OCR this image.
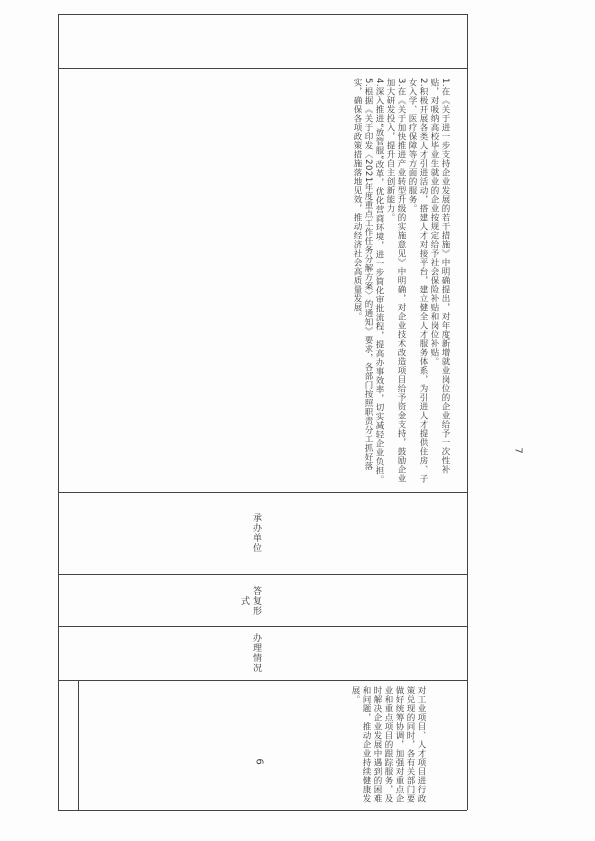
1.在《关于进一步支持企业发展的若干措施》中明确提出，对年度新增就业岗位的企业给予一次性补贴，对吸纳高校毕业生就业的企业按规定给予社会保险补贴和岗位补贴。
2.积极开展各类人才引进活动，搭建人才对接平台，建立健全人才服务体系，为引进人才提供住房、子女入学、医疗保障等方面的服务。
3.在《关于加快推进产业转型升级的实施意见》中明确，对企业技术改造项目给予资金支持，鼓励企业加大研发投入，提升自主创新能力。
4.深入推进“放管服”改革，优化营商环境，进一步简化审批流程，提高办事效率，切实减轻企业负担。
5.根据《关于印发〈2021年度重点工作任务分解方案〉的通知》要求，各部门按照职责分工抓好落实，确保各项政策措施落地见效，推动经济社会高质量发展。
承办单位
答复形式
办理情况
对工业项目、人才项目进行政策兑现的同时，各有关部门要做好统筹协调，加强对重点企业和重点项目的跟踪服务，及时解决企业发展中遇到的困难和问题，推动企业持续健康发展。
6
7
